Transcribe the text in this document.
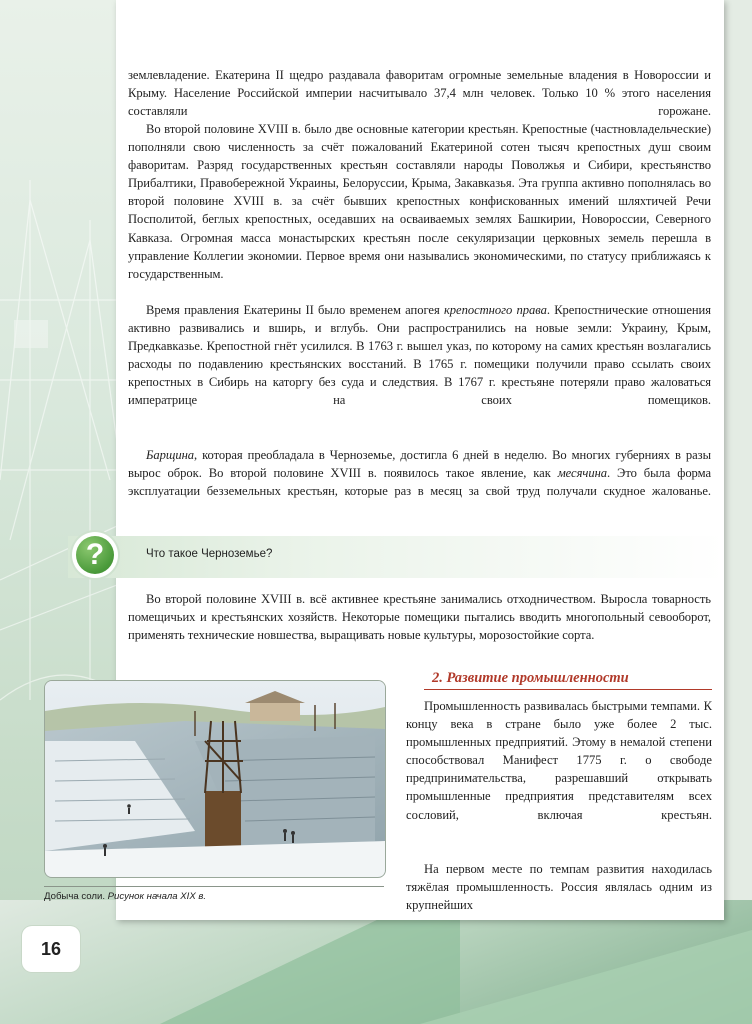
землевладение. Екатерина II щедро раздавала фаворитам огромные земельные владения в Новороссии и Крыму. Население Российской империи насчитывало 37,4 млн человек. Только 10 % этого населения составляли горожане.

Во второй половине XVIII в. было две основные категории крестьян. Крепостные (частновладельческие) пополняли свою численность за счёт пожалований Екатериной сотен тысяч крепостных душ своим фаворитам. Разряд государственных крестьян составляли народы Поволжья и Сибири, крестьянство Прибалтики, Правобережной Украины, Белоруссии, Крыма, Закавказья. Эта группа активно пополнялась во второй половине XVIII в. за счёт бывших крепостных конфискованных имений шляхтичей Речи Посполитой, беглых крепостных, оседавших на осваиваемых землях Башкирии, Новороссии, Северного Кавказа. Огромная масса монастырских крестьян после секуляризации церковных земель перешла в управление Коллегии экономии. Первое время они назывались экономическими, по статусу приближаясь к государственным.

Время правления Екатерины II было временем апогея крепостного права. Крепостнические отношения активно развивались и вширь, и вглубь. Они распространились на новые земли: Украину, Крым, Предкавказье. Крепостной гнёт усилился. В 1763 г. вышел указ, по которому на самих крестьян возлагались расходы по подавлению крестьянских восстаний. В 1765 г. помещики получили право ссылать своих крепостных в Сибирь на каторгу без суда и следствия. В 1767 г. крестьяне потеряли право жаловаться императрице на своих помещиков.

Барщина, которая преобладала в Черноземье, достигла 6 дней в неделю. Во многих губерниях в разы вырос оброк. Во второй половине XVIII в. появилось такое явление, как месячина. Это была форма эксплуатации безземельных крестьян, которые раз в месяц за свой труд получали скудное жалованье.

?	Что такое Черноземье?

Во второй половине XVIII в. всё активнее крестьяне занимались отходничеством. Выросла товарность помещичьих и крестьянских хозяйств. Некоторые помещики пытались вводить многопольный севооборот, применять технические новшества, выращивать новые культуры, морозостойкие сорта.

2. Развитие промышленности

Промышленность развивалась быстрыми темпами. К концу века в стране было уже более 2 тыс. промышленных предприятий. Этому в немалой степени способствовал Манифест 1775 г. о свободе предпринимательства, разрешавший открывать промышленные предприятия представителям всех сословий, включая крестьян.

На первом месте по темпам развития находилась тяжёлая промышленность. Россия являлась одним из крупнейших

Добыча соли. Рисунок начала XIX в.
16
